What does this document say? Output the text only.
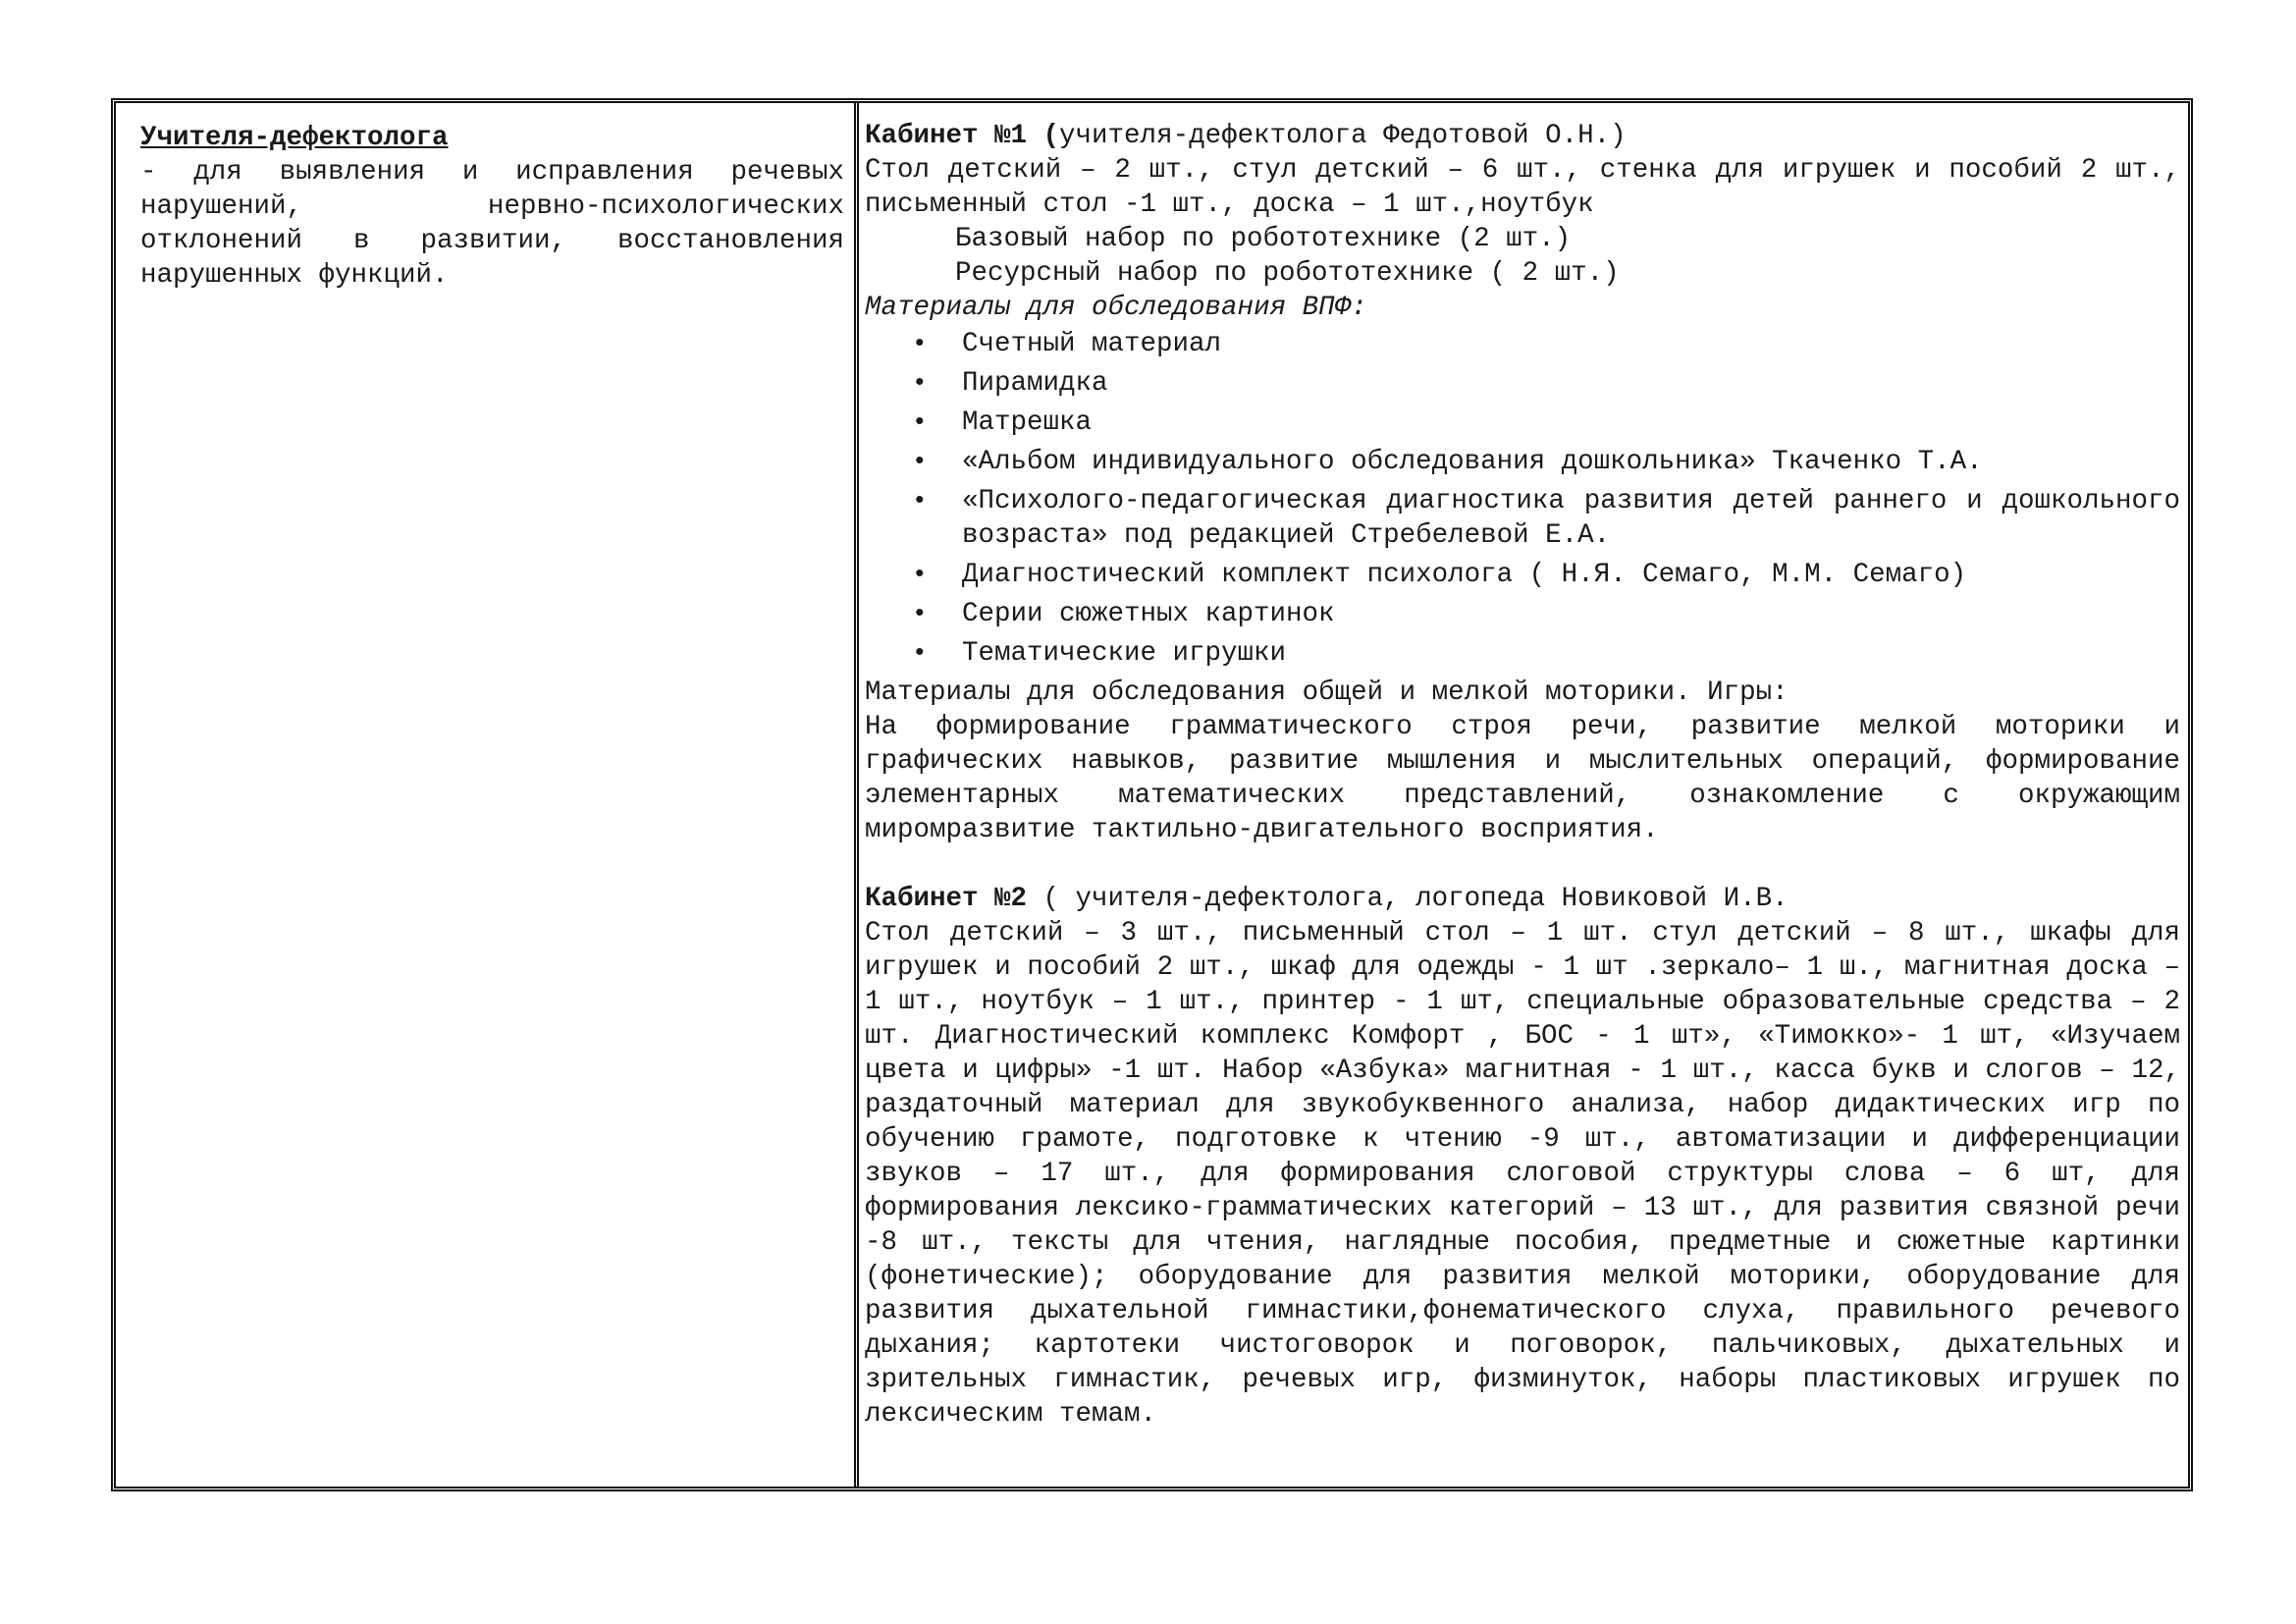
Учителя-дефектолога
- для выявления и исправления речевых нарушений, нервно-психологических отклонений в развитии, восстановления нарушенных функций.
Кабинет №1 (учителя-дефектолога Федотовой О.Н.)
Стол детский – 2 шт., стул детский – 6 шт., стенка для игрушек и пособий 2 шт., письменный стол -1 шт., доска – 1 шт.,ноутбук
Базовый набор по робототехнике (2 шт.)
Ресурсный набор по робототехнике ( 2 шт.)
Материалы для обследования ВПФ:
• Счетный материал
• Пирамидка
• Матрешка
• «Альбом индивидуального обследования дошкольника» Ткаченко Т.А.
• «Психолого-педагогическая диагностика развития детей раннего и дошкольного возраста» под редакцией Стребелевой Е.А.
• Диагностический комплект психолога ( Н.Я. Семаго, М.М. Семаго)
• Серии сюжетных картинок
• Тематические игрушки
Материалы для обследования общей и мелкой моторики. Игры:
На формирование грамматического строя речи, развитие мелкой моторики и графических навыков, развитие мышления и мыслительных операций, формирование элементарных математических представлений, ознакомление с окружающим миромразвитие тактильно-двигательного восприятия.
Кабинет №2 ( учителя-дефектолога, логопеда Новиковой И.В.
Стол детский – 3 шт., письменный стол – 1 шт. стул детский – 8 шт., шкафы для игрушек и пособий 2 шт., шкаф для одежды - 1 шт .зеркало– 1 ш., магнитная доска – 1 шт., ноутбук – 1 шт., принтер - 1 шт, специальные образовательные средства – 2 шт. Диагностический комплекс Комфорт , БОС - 1 шт», «Тимокко»- 1 шт, «Изучаем цвета и цифры» -1 шт. Набор «Азбука» магнитная - 1 шт., касса букв и слогов – 12, раздаточный материал для звукобуквенного анализа, набор дидактических игр по обучению грамоте, подготовке к чтению -9 шт., автоматизации и дифференциации звуков – 17 шт., для формирования слоговой структуры слова – 6 шт, для формирования лексико-грамматических категорий – 13 шт., для развития связной речи -8 шт., тексты для чтения, наглядные пособия, предметные и сюжетные картинки (фонетические); оборудование для развития мелкой моторики, оборудование для развития дыхательной гимнастики,фонематического слуха, правильного речевого дыхания; картотеки чистоговорок и поговорок, пальчиковых, дыхательных и зрительных гимнастик, речевых игр, физминуток, наборы пластиковых игрушек по лексическим темам.
